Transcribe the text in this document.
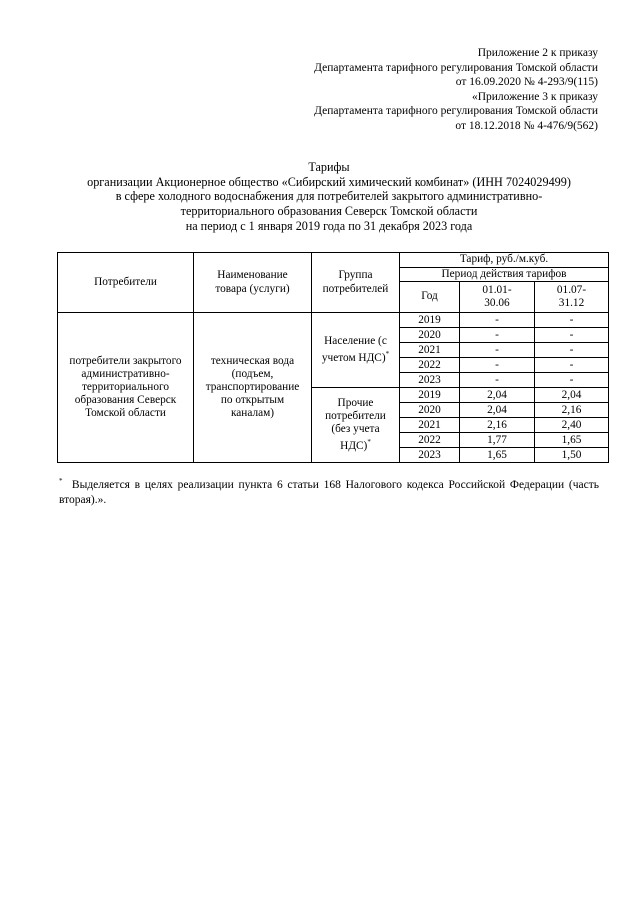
Приложение 2 к приказу
Департамента тарифного регулирования Томской области
от 16.09.2020 № 4-293/9(115)
«Приложение 3 к приказу
Департамента тарифного регулирования Томской области
от 18.12.2018 № 4-476/9(562)
Тарифы
организации Акционерное общество «Сибирский химический комбинат» (ИНН 7024029499)
в сфере холодного водоснабжения для потребителей закрытого административно-
территориального образования Северск Томской области
на период с 1 января 2019 года по 31 декабря 2023 года
Потребители	Наименование товара (услуги)	Группа потребителей	Тариф, руб./м.куб.		
			Период действия тарифов		
			Год	01.01-30.06	01.07-31.12
потребители закрытого административно-территориального образования Северск Томской области	техническая вода (подъем, транспортирование по открытым каналам)	Население (с учетом НДС)*	2019	-	-
			2020	-	-
			2021	-	-
			2022	-	-
			2023	-	-
		Прочие потребители (без учета НДС)*	2019	2,04	2,04
			2020	2,04	2,16
			2021	2,16	2,40
			2022	1,77	1,65
			2023	1,65	1,50
* Выделяется в целях реализации пункта 6 статьи 168 Налогового кодекса Российской Федерации (часть вторая).».
